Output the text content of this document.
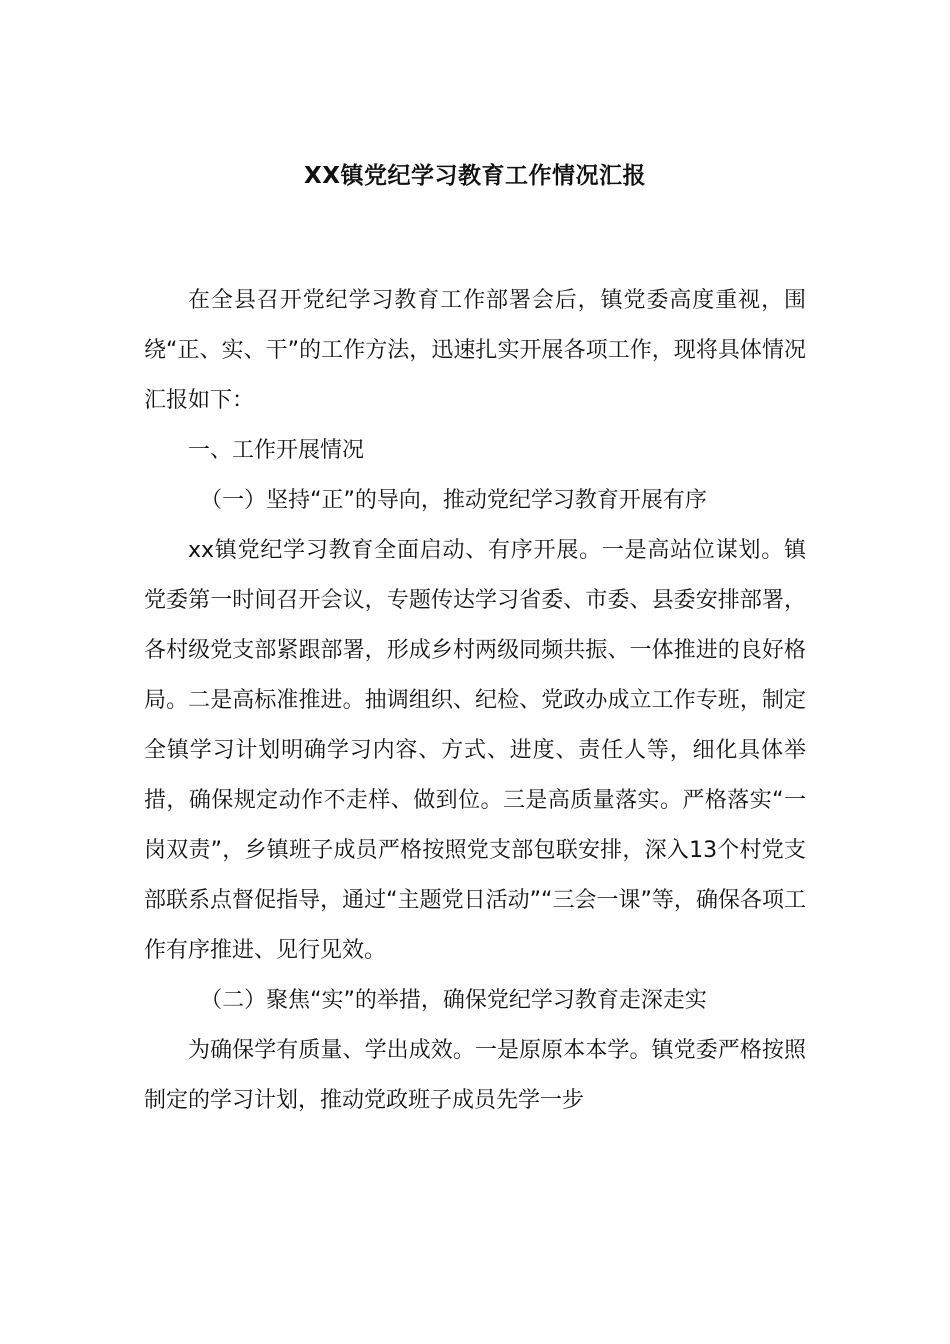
XX镇党纪学习教育工作情况汇报

在全县召开党纪学习教育工作部署会后，镇党委高度重视，围绕“正、实、干”的工作方法，迅速扎实开展各项工作，现将具体情况汇报如下：

一、工作开展情况

（一）坚持“正”的导向，推动党纪学习教育开展有序

xx镇党纪学习教育全面启动、有序开展。一是高站位谋划。镇党委第一时间召开会议，专题传达学习省委、市委、县委安排部署，各村级党支部紧跟部署，形成乡村两级同频共振、一体推进的良好格局。二是高标准推进。抽调组织、纪检、党政办成立工作专班，制定全镇学习计划明确学习内容、方式、进度、责任人等，细化具体举措，确保规定动作不走样、做到位。三是高质量落实。严格落实“一岗双责”，乡镇班子成员严格按照党支部包联安排，深入13个村党支部联系点督促指导，通过“主题党日活动”“三会一课”等，确保各项工作有序推进、见行见效。

（二）聚焦“实”的举措，确保党纪学习教育走深走实

为确保学有质量、学出成效。一是原原本本学。镇党委严格按照制定的学习计划，推动党政班子成员先学一步
